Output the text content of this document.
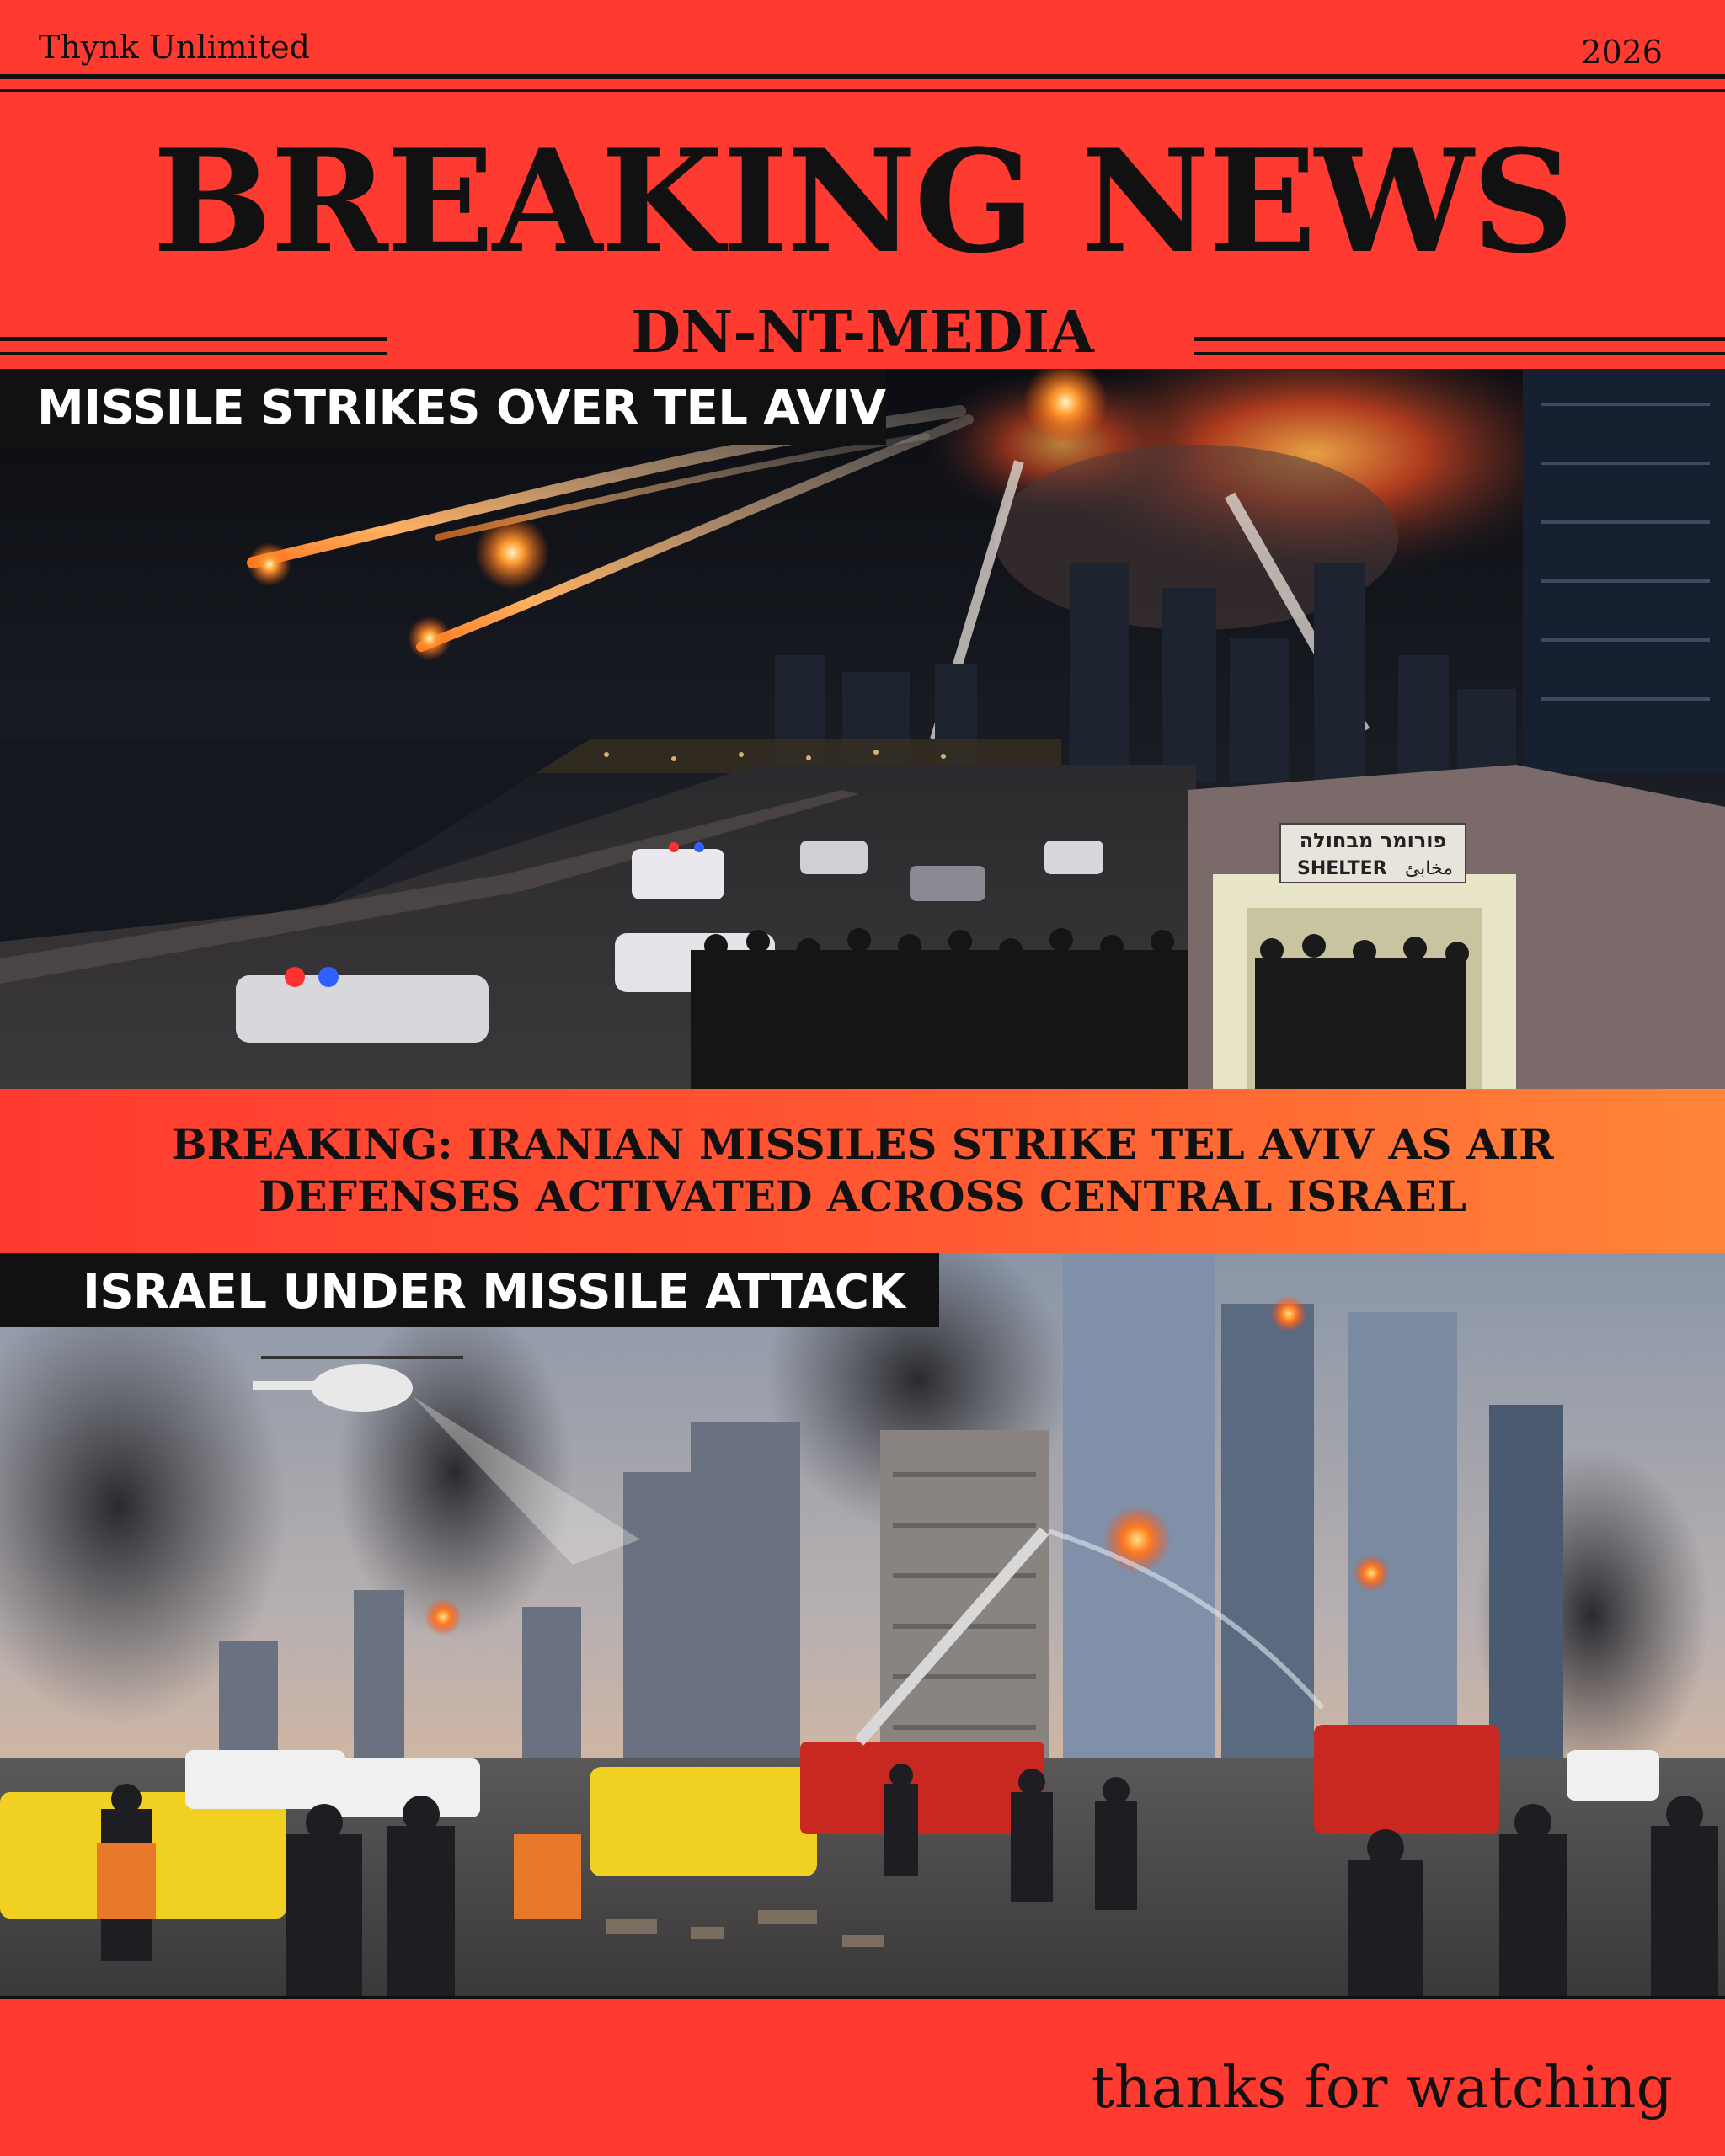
Thynk Unlimited	2026
BREAKING NEWS
DN-NT-MEDIA
פורומר מבחולה
SHELTER مخابئ
MISSILE STRIKES OVER TEL AVIV
BREAKING: IRANIAN MISSILES STRIKE TEL AVIV AS AIR
DEFENSES ACTIVATED ACROSS CENTRAL ISRAEL
ISRAEL UNDER MISSILE ATTACK
thanks for watching
